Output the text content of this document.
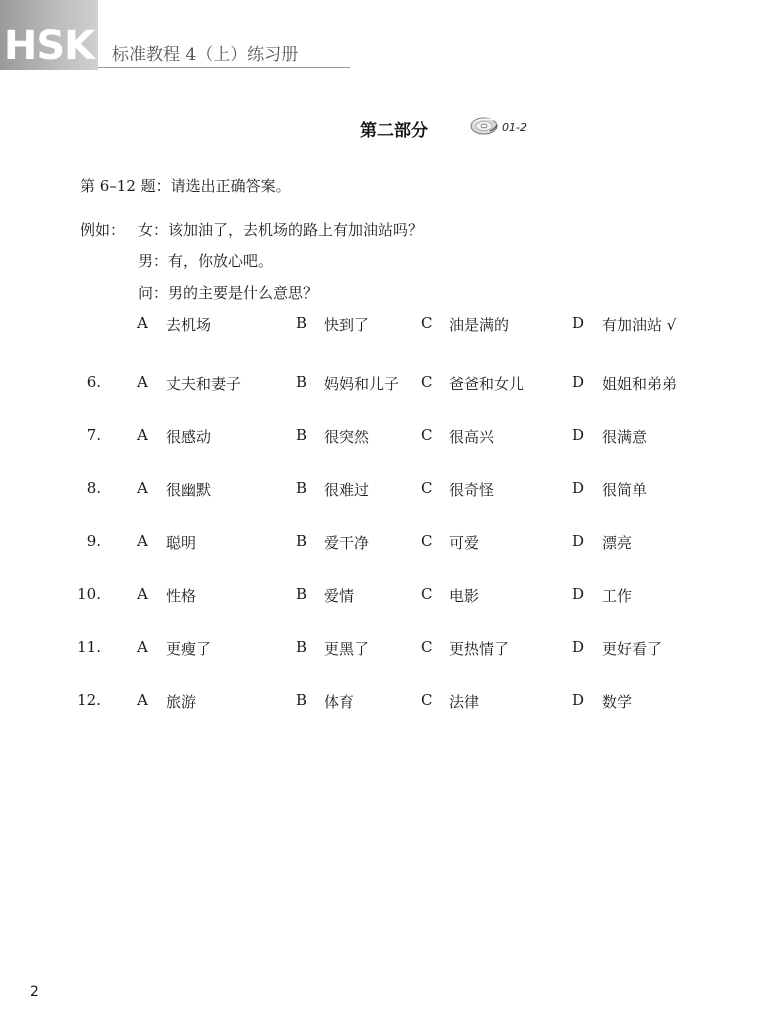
HSK 标准教程 4（上）练习册
第二部分	01-2
第 6–12 题：请选出正确答案。
例如： 女：该加油了，去机场的路上有加油站吗？
男：有，你放心吧。
问：男的主要是什么意思？
A 去机场	B 快到了	C 油是满的	D 有加油站 √
6. A 丈夫和妻子	B 妈妈和儿子 C 爸爸和女儿	D 姐姐和弟弟
7. A 很感动	B 很突然	C 很高兴	D 很满意
8. A 很幽默	B 很难过	C 很奇怪	D 很简单
9. A 聪明	B 爱干净	C 可爱	D 漂亮
10. A 性格	B 爱情	C 电影	D 工作
11. A 更瘦了	B 更黑了	C 更热情了	D 更好看了
12. A 旅游	B 体育	C 法律	D 数学
2
